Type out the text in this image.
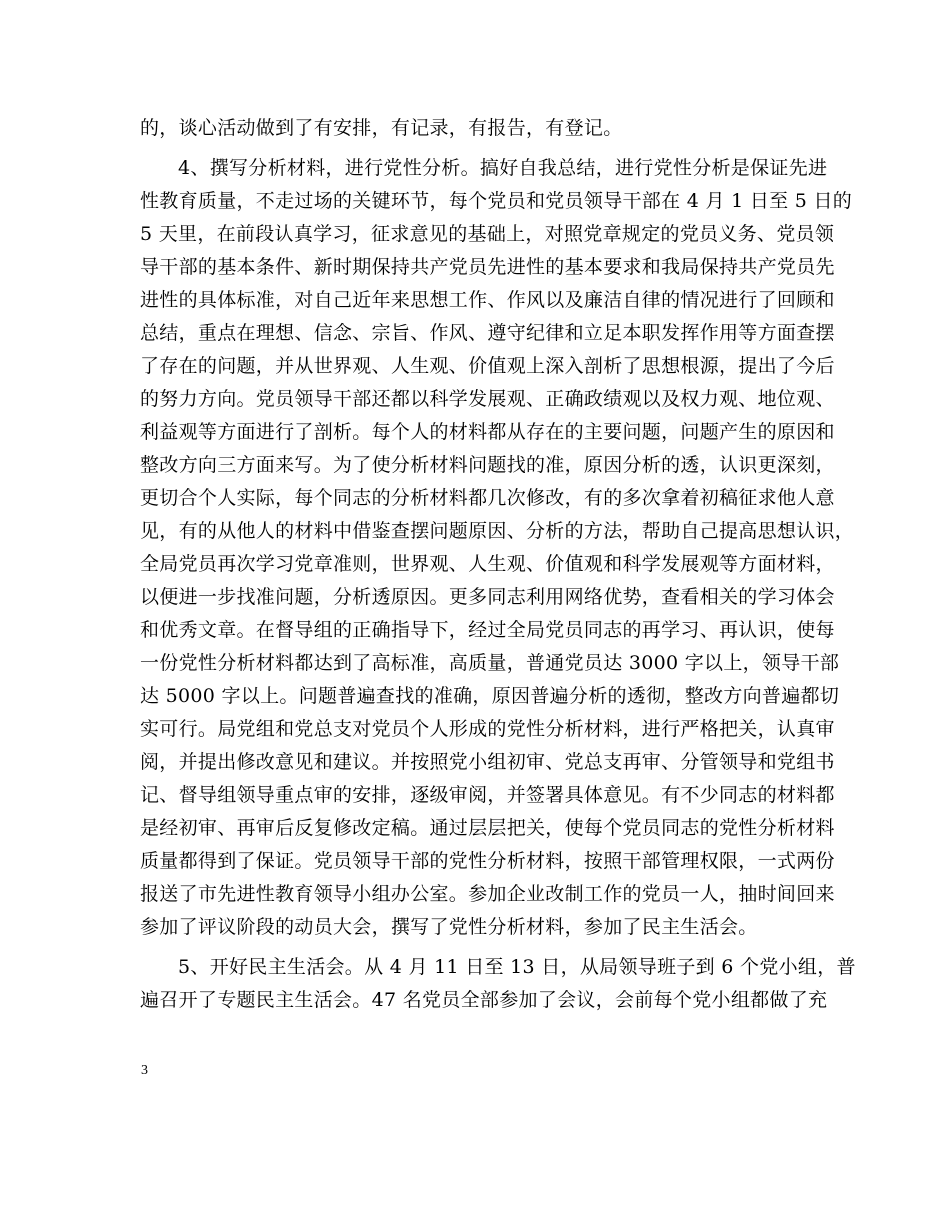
的，谈心活动做到了有安排，有记录，有报告，有登记。
4、撰写分析材料，进行党性分析。搞好自我总结，进行党性分析是保证先进
性教育质量，不走过场的关键环节，每个党员和党员领导干部在 4 月 1 日至 5 日的
5 天里，在前段认真学习，征求意见的基础上，对照党章规定的党员义务、党员领
导干部的基本条件、新时期保持共产党员先进性的基本要求和我局保持共产党员先
进性的具体标准，对自己近年来思想工作、作风以及廉洁自律的情况进行了回顾和
总结，重点在理想、信念、宗旨、作风、遵守纪律和立足本职发挥作用等方面查摆
了存在的问题，并从世界观、人生观、价值观上深入剖析了思想根源，提出了今后
的努力方向。党员领导干部还都以科学发展观、正确政绩观以及权力观、地位观、
利益观等方面进行了剖析。每个人的材料都从存在的主要问题，问题产生的原因和
整改方向三方面来写。为了使分析材料问题找的准，原因分析的透，认识更深刻，
更切合个人实际，每个同志的分析材料都几次修改，有的多次拿着初稿征求他人意
见，有的从他人的材料中借鉴查摆问题原因、分析的方法，帮助自己提高思想认识，
全局党员再次学习党章准则，世界观、人生观、价值观和科学发展观等方面材料，
以便进一步找准问题，分析透原因。更多同志利用网络优势，查看相关的学习体会
和优秀文章。在督导组的正确指导下，经过全局党员同志的再学习、再认识，使每
一份党性分析材料都达到了高标准，高质量，普通党员达 3000 字以上，领导干部
达 5000 字以上。问题普遍查找的准确，原因普遍分析的透彻，整改方向普遍都切
实可行。局党组和党总支对党员个人形成的党性分析材料，进行严格把关，认真审
阅，并提出修改意见和建议。并按照党小组初审、党总支再审、分管领导和党组书
记、督导组领导重点审的安排，逐级审阅，并签署具体意见。有不少同志的材料都
是经初审、再审后反复修改定稿。通过层层把关，使每个党员同志的党性分析材料
质量都得到了保证。党员领导干部的党性分析材料，按照干部管理权限，一式两份
报送了市先进性教育领导小组办公室。参加企业改制工作的党员一人，抽时间回来
参加了评议阶段的动员大会，撰写了党性分析材料，参加了民主生活会。
5、开好民主生活会。从 4 月 11 日至 13 日，从局领导班子到 6 个党小组，普
遍召开了专题民主生活会。47 名党员全部参加了会议，会前每个党小组都做了充
3
